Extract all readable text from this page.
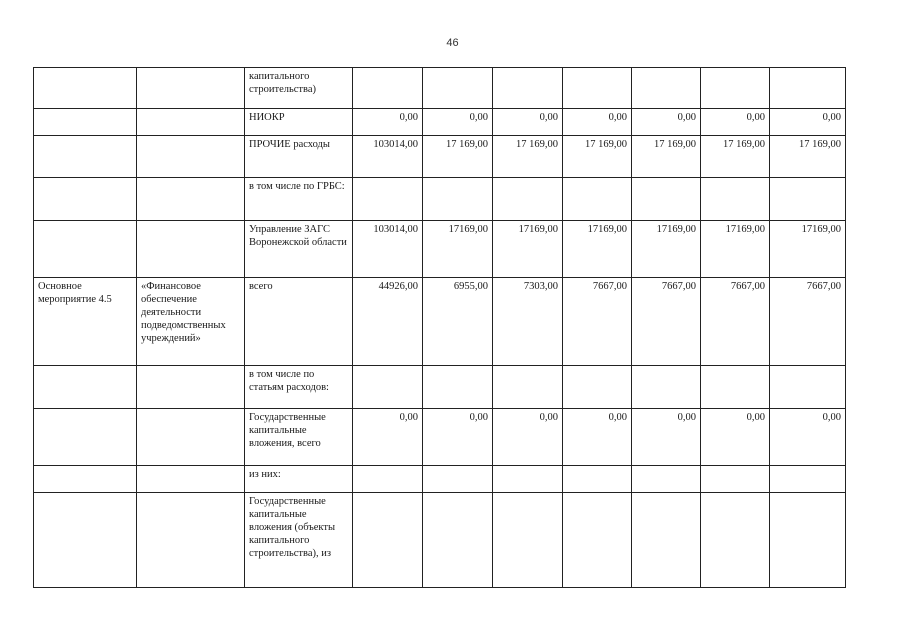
46
		капитального строительства)							
		НИОКР	0,00	0,00	0,00	0,00	0,00	0,00	0,00
		ПРОЧИЕ расходы	103014,00	17 169,00	17 169,00	17 169,00	17 169,00	17 169,00	17 169,00
		в том числе по ГРБС:							
		Управление ЗАГС Воронежской области	103014,00	17169,00	17169,00	17169,00	17169,00	17169,00	17169,00
Основное мероприятие 4.5	«Финансовое обеспечение деятельности подведомственных учреждений»	всего	44926,00	6955,00	7303,00	7667,00	7667,00	7667,00	7667,00
		в том числе по статьям расходов:							
		Государственные капитальные вложения, всего	0,00	0,00	0,00	0,00	0,00	0,00	0,00
		из них:							
		Государственные капитальные вложения (объекты капитального строительства), из							
